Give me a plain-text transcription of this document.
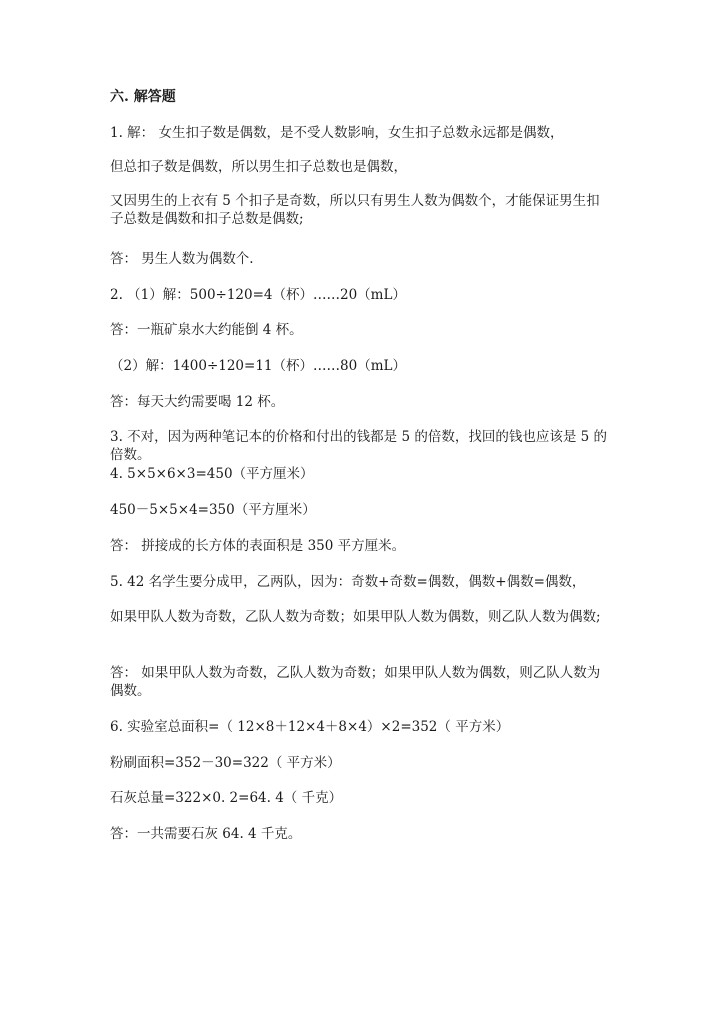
六. 解答题
1. 解： 女生扣子数是偶数，是不受人数影响，女生扣子总数永远都是偶数，
但总扣子数是偶数，所以男生扣子总数也是偶数，
又因男生的上衣有 5 个扣子是奇数，所以只有男生人数为偶数个，才能保证男生扣子总数是偶数和扣子总数是偶数;
答： 男生人数为偶数个.
2. （1）解：500÷120=4（杯）……20（mL）
答：一瓶矿泉水大约能倒 4 杯。
（2）解：1400÷120=11（杯）……80（mL）
答：每天大约需要喝 12 杯。
3. 不对，因为两种笔记本的价格和付出的钱都是 5 的倍数，找回的钱也应该是 5 的倍数。
4. 5×5×6×3=450（平方厘米）
450－5×5×4=350（平方厘米）
答： 拼接成的长方体的表面积是 350 平方厘米。
5. 42 名学生要分成甲，乙两队，因为：奇数+奇数=偶数，偶数+偶数=偶数，
如果甲队人数为奇数，乙队人数为奇数；如果甲队人数为偶数，则乙队人数为偶数;
答： 如果甲队人数为奇数，乙队人数为奇数；如果甲队人数为偶数，则乙队人数为偶数。
6. 实验室总面积=（ 12×8＋12×4＋8×4）×2=352（ 平方米）
粉刷面积=352－30=322（ 平方米）
石灰总量=322×0. 2=64. 4（ 千克）
答：一共需要石灰 64. 4 千克。
